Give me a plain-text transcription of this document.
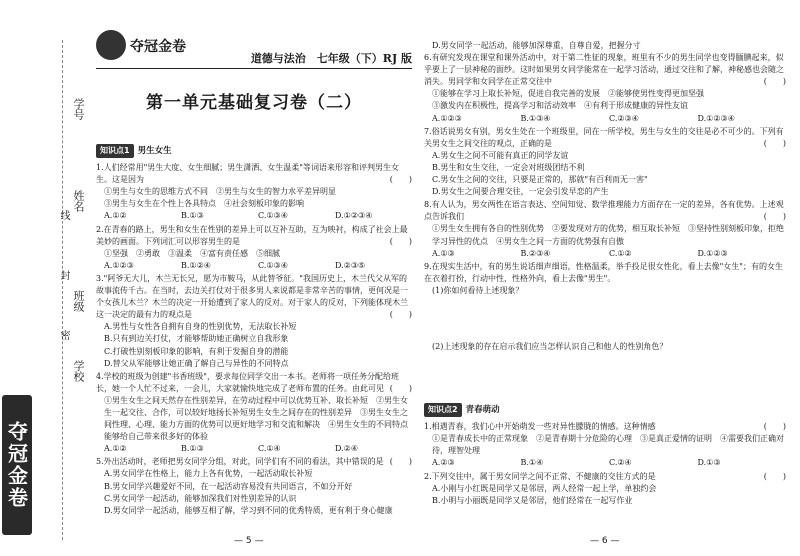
学号
姓名
班级
学校
线
封
密
夺冠金卷
夺冠金卷
道德与法治　七年级（下）RJ 版
第一单元基础复习卷（二）
知识点1 男生女生
1.人们经常用"男生大度、女生细腻；男生潇洒、女生温柔"等词语来形容和评判男生女生。这是因为	(　　)
①男生与女生的思维方式不同　②男生与女生的智力水平差异明显
③男生与女生在个性上各具特点　④社会刻板印象的影响
A.①②	B.①③	C.①③④	D.①②③④
2.在青春的路上，男生和女生在性别的差异上可以互补互助，互为映衬，构成了社会上最美妙的画面。下列词汇可以形容男生的是	(　　)
①坚强　②勇敢　③温柔　④富有责任感　⑤细腻
A.①②③	B.①②④	C.①③④	D.②③⑤
3."阿爷无大儿，木兰无长兄，愿为市鞍马，从此替爷征。"我国历史上，木兰代父从军的故事流传千古。在当时，去边关打仗对于很多男人来说都是非常辛苦的事情，更何况是一个女孩儿木兰？木兰的决定一开始遭到了家人的反对。对于家人的反对，下列能体现木兰这一决定的最有力的观点是	(　　)
A.男性与女性各自拥有自身的性别优势，无法取长补短
B.只有到边关打仗，才能够帮助她正确树立自我形象
C.打破性别刻板印象的影响，有利于发掘自身的潜能
D.替父从军能够让她正确了解自己与异性的不同特点
4.学校的班级为创建"书香班级"，要求每位同学交出一本书。老师将一项任务分配给班长，她一个人忙不过来，一会儿，大家就愉快地完成了老师布置的任务。由此可见 (　　)
①男生女生之间天然存在性别差异，在劳动过程中可以优势互补、取长补短　②男生女生一起交往、合作，可以较好地扬长补短男生女生之间存在的性别差异　③男生女生之间性理、心理、能力方面的优势可以更好地学习和交流和解决　④男生女生的不同特点能够给自己带来很多好的体验
A.①②	B.①③	C.①④	D.②④
5.外出活动时，老师把男女同学分组，对此，同学们有不同的看法，其中错误的是 (　　)
A.男女同学在性格上，能力上各有优势，一起活动取长补短
B.男女同学兴趣爱好不同，在一起活动容易没有共同语言，不如分开好
C.男女同学一起活动，能够加深我们对性别差异的认识
D.男女同学一起活动，能够互相了解，学习到不同的优秀特质，更有利于身心健康
D.男女同学一起活动，能够加深尊重，自尊自爱，把握分寸
6.有研究发现在课堂和课外活动中，对于第二性征的现象，班里有不少的男生同学也变得腼腆起来，似乎要上了一层神秘的面纱。这时如果男女同学能常在一起学习活动，通过交往和了解，神秘感也会随之消失。男同学和女同学在正常交往中	(　　)
①能够在学习上取长补短，促进自我完善的发展　②能够使男性变得更加坚强
③激发内在积极性，提高学习和活动效率　④有利于形成健康的异性友谊
A.①②③	B.①③④	C.②③④	D.①②③④
7.俗话说男女有别，男女生处在一个班级里，同在一所学校，男生与女生的交往是必不可少的。下列有关男女生之间交往的观点，正确的是	(　　)
A.男女生之间不可能有真正的同学友谊
B.男生和女生交往，一定会对班级团结不利
C.男女生之间的交往，只要是正常的，那就"有百利而无一害"
D.男女生之间要合理交往，一定会引发早恋的产生
8.有人认为，男女两性在语言表达、空间知觉、数学推理能力方面存在一定的差异，各有优势。上述观点告诉我们	(　　)
①男生女生拥有各自的性别优势　②要发现对方的优势，相互取长补短　③坚持性别刻板印象，拒绝学习异性的优点　④男女生之间一方面的优势强有自傲
A.①③	B.②③④	C.①②	D.①②③
9.在现实生活中，有的男生说话细声细语，性格温柔，举手投足很女性化，看上去像"女生"；有的女生在衣着打扮，行动中性，性格外向，看上去像"男生"。
(1)你如何看待上述现象？
(2)上述现象的存在启示我们应当怎样认识自己和他人的性别角色？
知识点2 青春萌动
1.相遇青春，我们心中开始萌发一些对异性朦胧的情感。这种情感	(　　)
①是青春成长中的正常现象　②是青春期十分危险的心理　③是真正爱情的证明　④需要我们正确对待，理智处理
A.②③	B.①④	C.②④	D.①③
2.下列交往中，属于男女同学之间不正常、不健康的交往方式的是	(　　)
A.小刚与小红既是同学又是邻居，两人经常一起上学，单独约会
B.小明与小丽既是同学又是邻居，他们经常在一起写作业
— 5 —	— 6 —
